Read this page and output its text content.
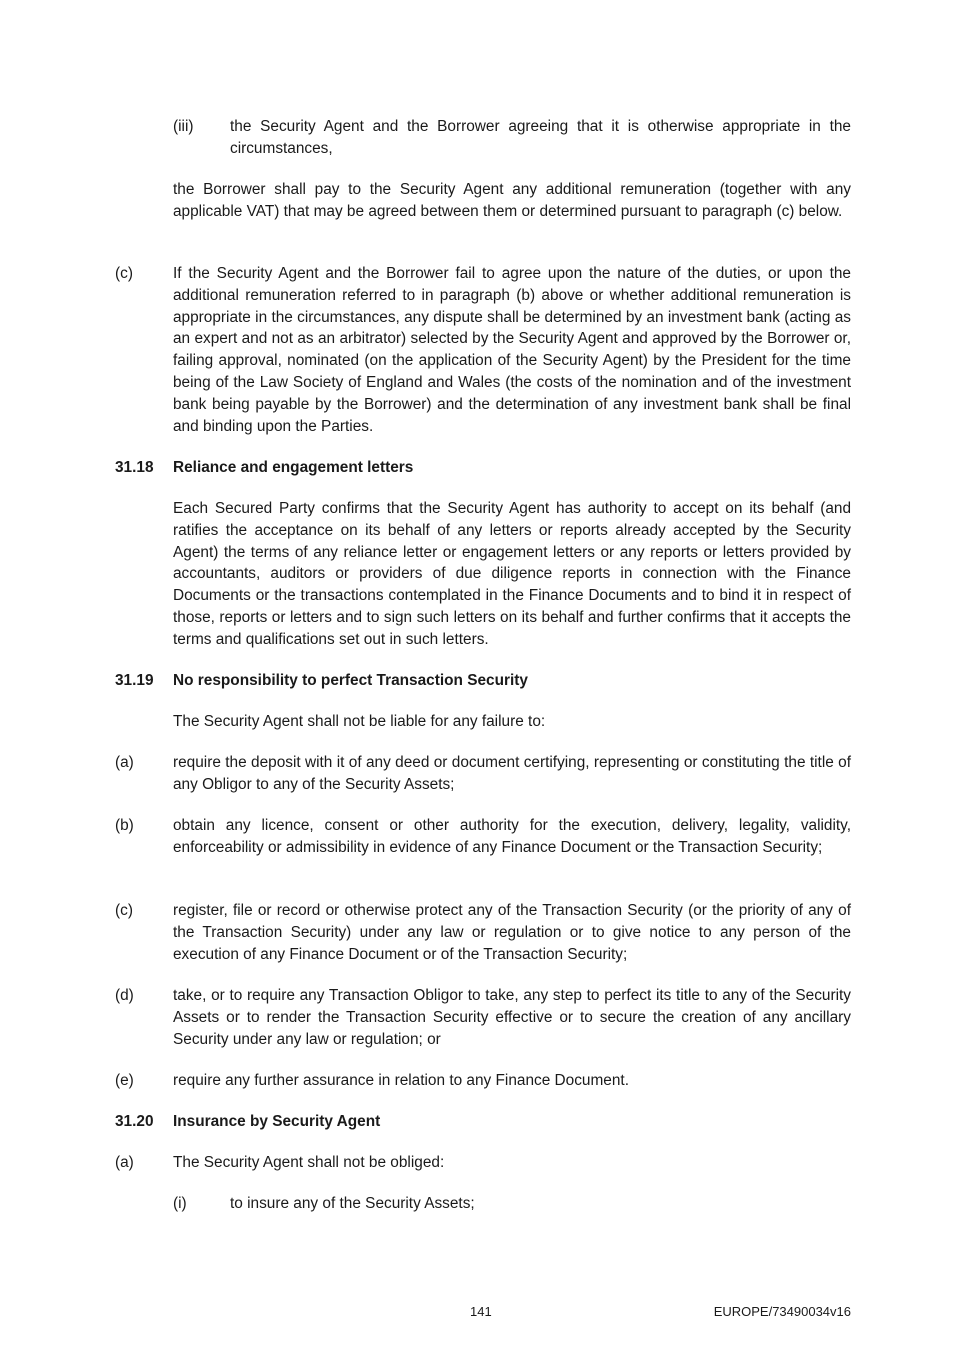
(iii) the Security Agent and the Borrower agreeing that it is otherwise appropriate in the circumstances,
the Borrower shall pay to the Security Agent any additional remuneration (together with any applicable VAT) that may be agreed between them or determined pursuant to paragraph (c) below.
(c)	If the Security Agent and the Borrower fail to agree upon the nature of the duties, or upon the additional remuneration referred to in paragraph (b) above or whether additional remuneration is appropriate in the circumstances, any dispute shall be determined by an investment bank (acting as an expert and not as an arbitrator) selected by the Security Agent and approved by the Borrower or, failing approval, nominated (on the application of the Security Agent) by the President for the time being of the Law Society of England and Wales (the costs of the nomination and of the investment bank being payable by the Borrower) and the determination of any investment bank shall be final and binding upon the Parties.
31.18 Reliance and engagement letters
Each Secured Party confirms that the Security Agent has authority to accept on its behalf (and ratifies the acceptance on its behalf of any letters or reports already accepted by the Security Agent) the terms of any reliance letter or engagement letters or any reports or letters provided by accountants, auditors or providers of due diligence reports in connection with the Finance Documents or the transactions contemplated in the Finance Documents and to bind it in respect of those, reports or letters and to sign such letters on its behalf and further confirms that it accepts the terms and qualifications set out in such letters.
31.19 No responsibility to perfect Transaction Security
The Security Agent shall not be liable for any failure to:
(a)	require the deposit with it of any deed or document certifying, representing or constituting the title of any Obligor to any of the Security Assets;
(b)	obtain any licence, consent or other authority for the execution, delivery, legality, validity, enforceability or admissibility in evidence of any Finance Document or the Transaction Security;
(c)	register, file or record or otherwise protect any of the Transaction Security (or the priority of any of the Transaction Security) under any law or regulation or to give notice to any person of the execution of any Finance Document or of the Transaction Security;
(d)	take, or to require any Transaction Obligor to take, any step to perfect its title to any of the Security Assets or to render the Transaction Security effective or to secure the creation of any ancillary Security under any law or regulation; or
(e)	require any further assurance in relation to any Finance Document.
31.20 Insurance by Security Agent
(a)	The Security Agent shall not be obliged:
(i)	to insure any of the Security Assets;
141	EUROPE/73490034v16
